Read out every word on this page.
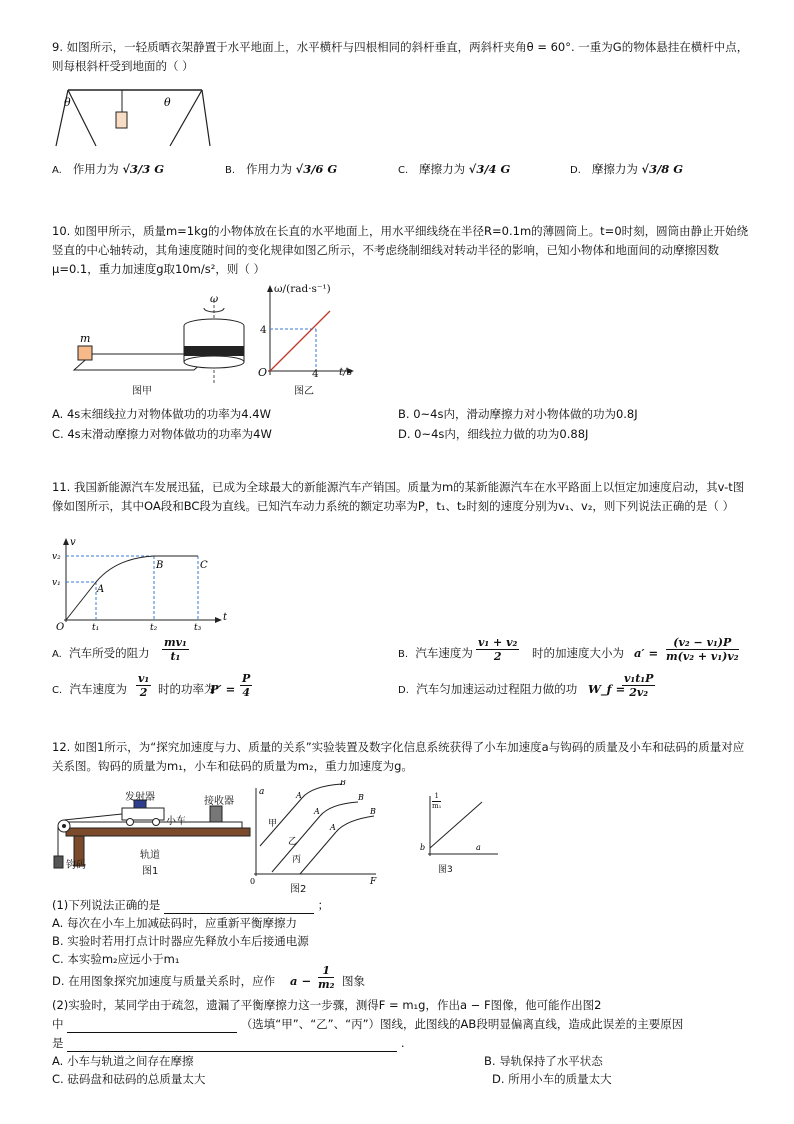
9. 如图所示，一轻质晒衣架静置于水平地面上，水平横杆与四根相同的斜杆垂直，两斜杆夹角θ = 60°. 一重为G的物体悬挂在横杆中点，则每根斜杆受到地面的（ ）
θ	θ
A. 作用力为 √3/3 G	B. 作用力为 √3/6 G	C. 摩擦力为 √3/4 G	D. 摩擦力为 √3/8 G
10. 如图甲所示，质量m=1kg的小物体放在长直的水平地面上，用水平细线绕在半径R=0.1m的薄圆筒上。t=0时刻，圆筒由静止开始绕竖直的中心轴转动，其角速度随时间的变化规律如图乙所示，不考虑绕制细线对转动半径的影响，已知小物体和地面间的动摩擦因数μ=0.1，重力加速度g取10m/s²，则（ ）
m
ω
图甲
ω/(rad·s⁻¹)
4
O	4 t/s
图乙
A. 4s末细线拉力对物体做功的功率为4.4W	B. 0~4s内，滑动摩擦力对小物体做的功为0.8J
C. 4s末滑动摩擦力对物体做功的功率为4W	D. 0~4s内，细线拉力做的功为0.88J
11. 我国新能源汽车发展迅猛，已成为全球最大的新能源汽车产销国。质量为m的某新能源汽车在水平路面上以恒定加速度启动，其v-t图像如图所示，其中OA段和BC段为直线。已知汽车动力系统的额定功率为P，t₁、t₂时刻的速度分别为v₁、v₂，则下列说法正确的是（ ）
v
v₂
v₁
A
B	C
O	t₁	t₂	t₃
t
A. 汽车所受的阻力
mv₁
t₁	B. 汽车速度为
v₁ + v₂
2	时的加速度大小为 a′ =
(v₂ − v₁)P
m(v₂ + v₁)v₂
C. 汽车速度为
v₁
2 时的功率为
P′ =
P
4	D. 汽车匀加速运动过程阻力做的功 W_f =
v₁t₁P
2v₂
12. 如图1所示，为“探究加速度与力、质量的关系”实验装置及数字化信息系统获得了小车加速度a与钩码的质量及小车和砝码的质量对应关系图。钩码的质量为m₁，小车和砝码的质量为m₂，重力加速度为g。
发射器	接收器
小车
轨道
钩码
图1
a
F
0
甲
乙
丙
A
B
A
B
A
B
图2
b	a
1
m₁
图3
(1)下列说法正确的是	；
A. 每次在小车上加减砝码时，应重新平衡摩擦力
B. 实验时若用打点计时器应先释放小车后接通电源
C. 本实验m₂应远小于m₁
D. 在用图象探究加速度与质量关系时，应作 a −
1
m₂ 图象
(2)实验时，某同学由于疏忽，遗漏了平衡摩擦力这一步骤，测得F = m₁g，作出a − F图像，他可能作出图2
中	（选填“甲”、“乙”、“丙”）图线，此图线的AB段明显偏离直线，造成此误差的主要原因
是	.
A. 小车与轨道之间存在摩擦	B. 导轨保持了水平状态
C. 砝码盘和砝码的总质量太大	D. 所用小车的质量太大
